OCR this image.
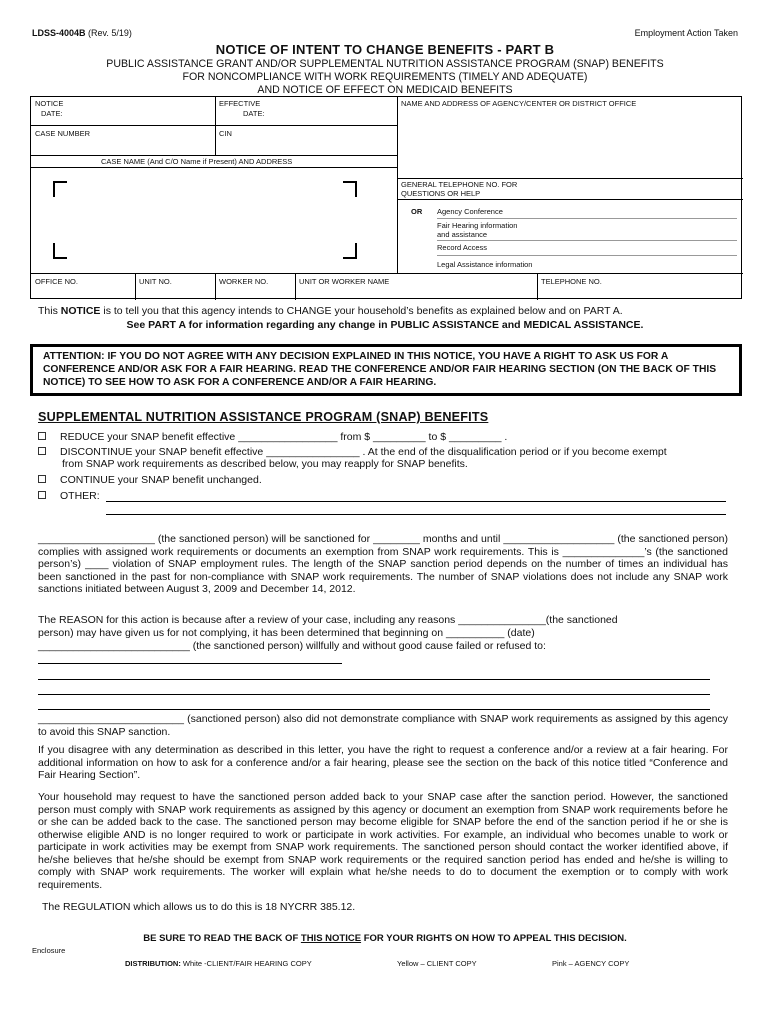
LDSS-4004B (Rev. 5/19)	Employment Action Taken
NOTICE OF INTENT TO CHANGE BENEFITS - PART B
PUBLIC ASSISTANCE GRANT AND/OR SUPPLEMENTAL NUTRITION ASSISTANCE PROGRAM (SNAP) BENEFITS
FOR NONCOMPLIANCE WITH WORK REQUIREMENTS (TIMELY AND ADEQUATE)
AND NOTICE OF EFFECT ON MEDICAID BENEFITS
NOTICE
DATE:
EFFECTIVE
DATE:
NAME AND ADDRESS OF AGENCY/CENTER OR DISTRICT OFFICE
CASE NUMBER	CIN
CASE NAME (And C/O Name if Present) AND ADDRESS
GENERAL TELEPHONE NO. FOR
QUESTIONS OR HELP
OR Agency Conference
Fair Hearing information
and assistance
Record Access
Legal Assistance information
OFFICE NO.	UNIT NO.	WORKER NO.	UNIT OR WORKER NAME	TELEPHONE NO.
This NOTICE is to tell you that this agency intends to CHANGE your household’s benefits as explained below and on PART A.
See PART A for information regarding any change in PUBLIC ASSISTANCE and MEDICAL ASSISTANCE.
ATTENTION: IF YOU DO NOT AGREE WITH ANY DECISION EXPLAINED IN THIS NOTICE, YOU HAVE A RIGHT TO ASK US FOR A CONFERENCE AND/OR ASK FOR A FAIR HEARING. READ THE CONFERENCE AND/OR FAIR HEARING SECTION (ON THE BACK OF THIS NOTICE) TO SEE HOW TO ASK FOR A CONFERENCE AND/OR A FAIR HEARING.
SUPPLEMENTAL NUTRITION ASSISTANCE PROGRAM (SNAP) BENEFITS
REDUCE your SNAP benefit effective _________________ from $ _________ to $ _________ .
DISCONTINUE your SNAP benefit effective ________________ . At the end of the disqualification period or if you become exempt
from SNAP work requirements as described below, you may reapply for SNAP benefits.
CONTINUE your SNAP benefit unchanged.
OTHER:
____________________ (the sanctioned person) will be sanctioned for ________ months and until ___________________ (the sanctioned person) complies with assigned work requirements or documents an exemption from SNAP work requirements. This is ______________’s (the sanctioned person’s) ____ violation of SNAP employment rules. The length of the SNAP sanction period depends on the number of times an individual has been sanctioned in the past for non-compliance with SNAP work requirements. The number of SNAP violations does not include any SNAP work sanctions initiated between August 3, 2009 and December 14, 2012.
The REASON for this action is because after a review of your case, including any reasons _______________(the sanctioned
person) may have given us for not complying, it has been determined that beginning on __________ (date)
__________________________ (the sanctioned person) willfully and without good cause failed or refused to:
_________________________ (sanctioned person) also did not demonstrate compliance with SNAP work requirements as assigned by this agency to avoid this SNAP sanction.
If you disagree with any determination as described in this letter, you have the right to request a conference and/or a review at a fair hearing. For additional information on how to ask for a conference and/or a fair hearing, please see the section on the back of this notice titled “Conference and Fair Hearing Section”.
Your household may request to have the sanctioned person added back to your SNAP case after the sanction period. However, the sanctioned person must comply with SNAP work requirements as assigned by this agency or document an exemption from SNAP work requirements before he or she can be added back to the case. The sanctioned person may become eligible for SNAP before the end of the sanction period if he or she is otherwise eligible AND is no longer required to work or participate in work activities. For example, an individual who becomes unable to work or participate in work activities may be exempt from SNAP work requirements. The sanctioned person should contact the worker identified above, if he/she believes that he/she should be exempt from SNAP work requirements or the required sanction period has ended and he/she is willing to comply with SNAP work requirements. The worker will explain what he/she needs to do to document the exemption or to comply with work requirements.
The REGULATION which allows us to do this is 18 NYCRR 385.12.
BE SURE TO READ THE BACK OF THIS NOTICE FOR YOUR RIGHTS ON HOW TO APPEAL THIS DECISION.
Enclosure
DISTRIBUTION: White -CLIENT/FAIR HEARING COPY	Yellow – CLIENT COPY	Pink – AGENCY COPY
